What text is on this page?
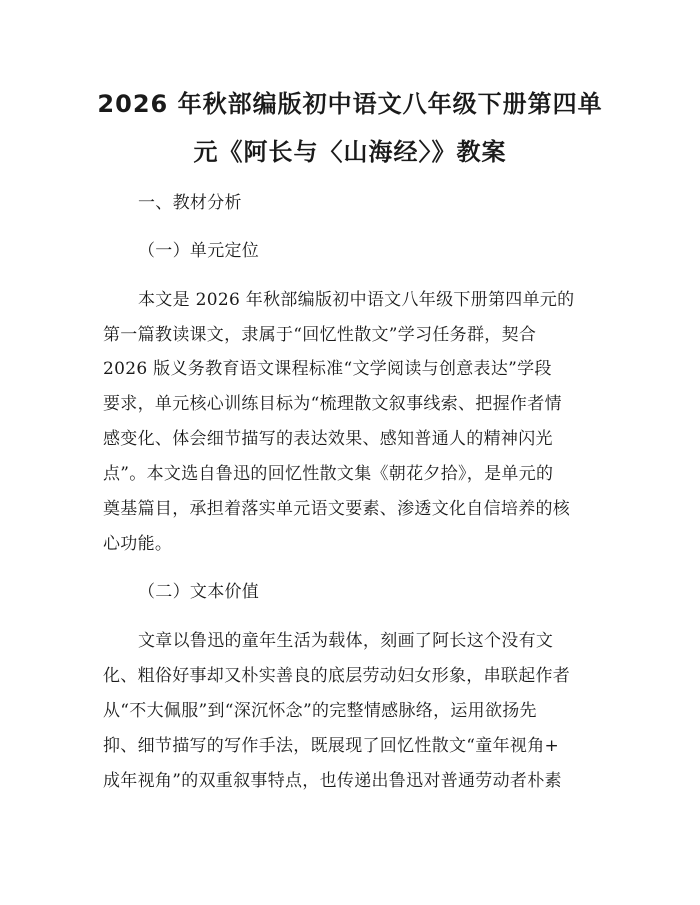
2026 年秋部编版初中语文八年级下册第四单
元《阿长与〈山海经〉》教案

一、教材分析

（一）单元定位

本文是 2026 年秋部编版初中语文八年级下册第四单元的

第一篇教读课文，隶属于“回忆性散文”学习任务群，契合

2026 版义务教育语文课程标准“文学阅读与创意表达”学段

要求，单元核心训练目标为“梳理散文叙事线索、把握作者情

感变化、体会细节描写的表达效果、感知普通人的精神闪光

点”。本文选自鲁迅的回忆性散文集《朝花夕拾》，是单元的

奠基篇目，承担着落实单元语文要素、渗透文化自信培养的核

心功能。

（二）文本价值

文章以鲁迅的童年生活为载体，刻画了阿长这个没有文

化、粗俗好事却又朴实善良的底层劳动妇女形象，串联起作者

从“不大佩服”到“深沉怀念”的完整情感脉络，运用欲扬先

抑、细节描写的写作手法，既展现了回忆性散文“童年视角+

成年视角”的双重叙事特点，也传递出鲁迅对普通劳动者朴素
